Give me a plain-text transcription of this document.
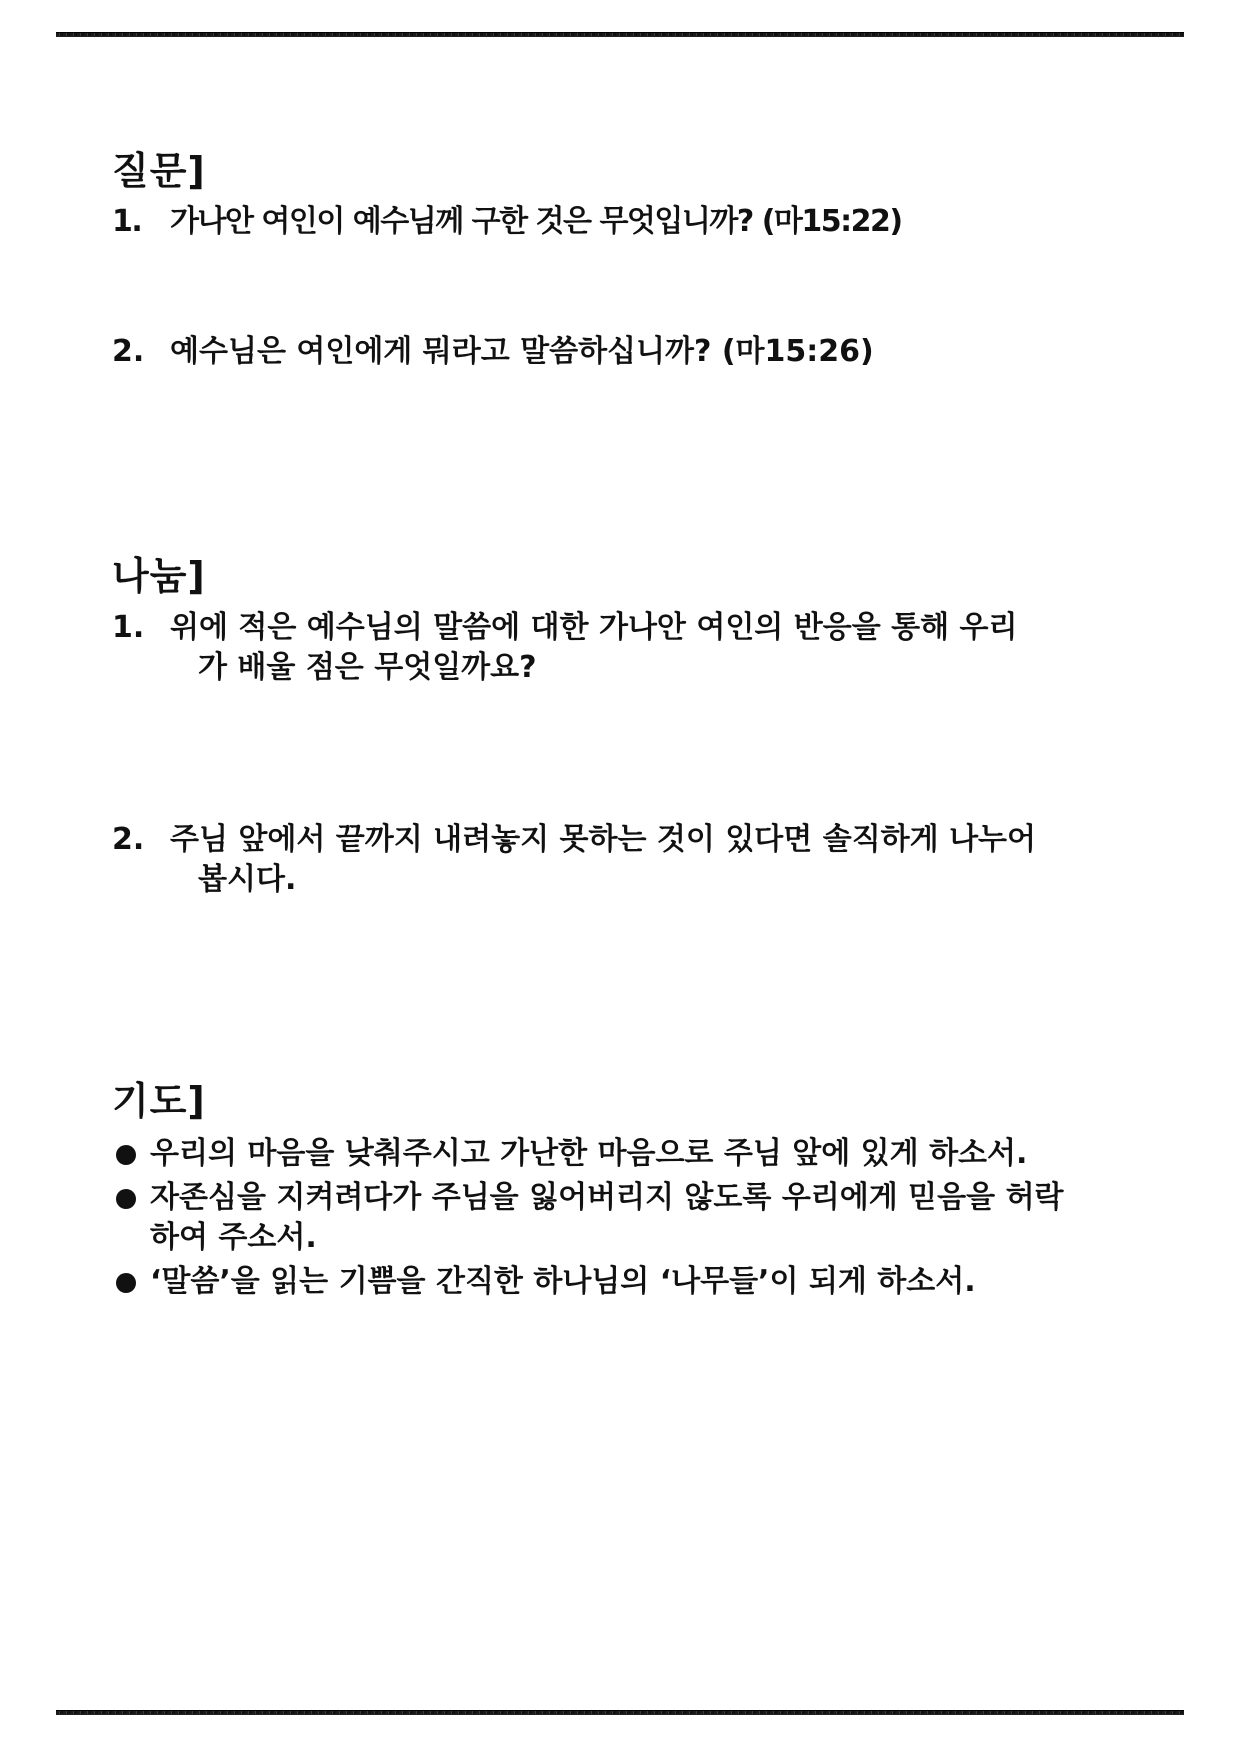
질문]
1. 가나안 여인이 예수님께 구한 것은 무엇입니까? (마15:22)
2. 예수님은 여인에게 뭐라고 말씀하십니까? (마15:26)
나눔]
1. 위에 적은 예수님의 말씀에 대한 가나안 여인의 반응을 통해 우리
가 배울 점은 무엇일까요?
2. 주님 앞에서 끝까지 내려놓지 못하는 것이 있다면 솔직하게 나누어
봅시다.
기도]
우리의 마음을 낮춰주시고 가난한 마음으로 주님 앞에 있게 하소서.
자존심을 지켜려다가 주님을 잃어버리지 않도록 우리에게 믿음을 허락
하여 주소서.
‘말씀’을 읽는 기쁨을 간직한 하나님의 ‘나무들’이 되게 하소서.
